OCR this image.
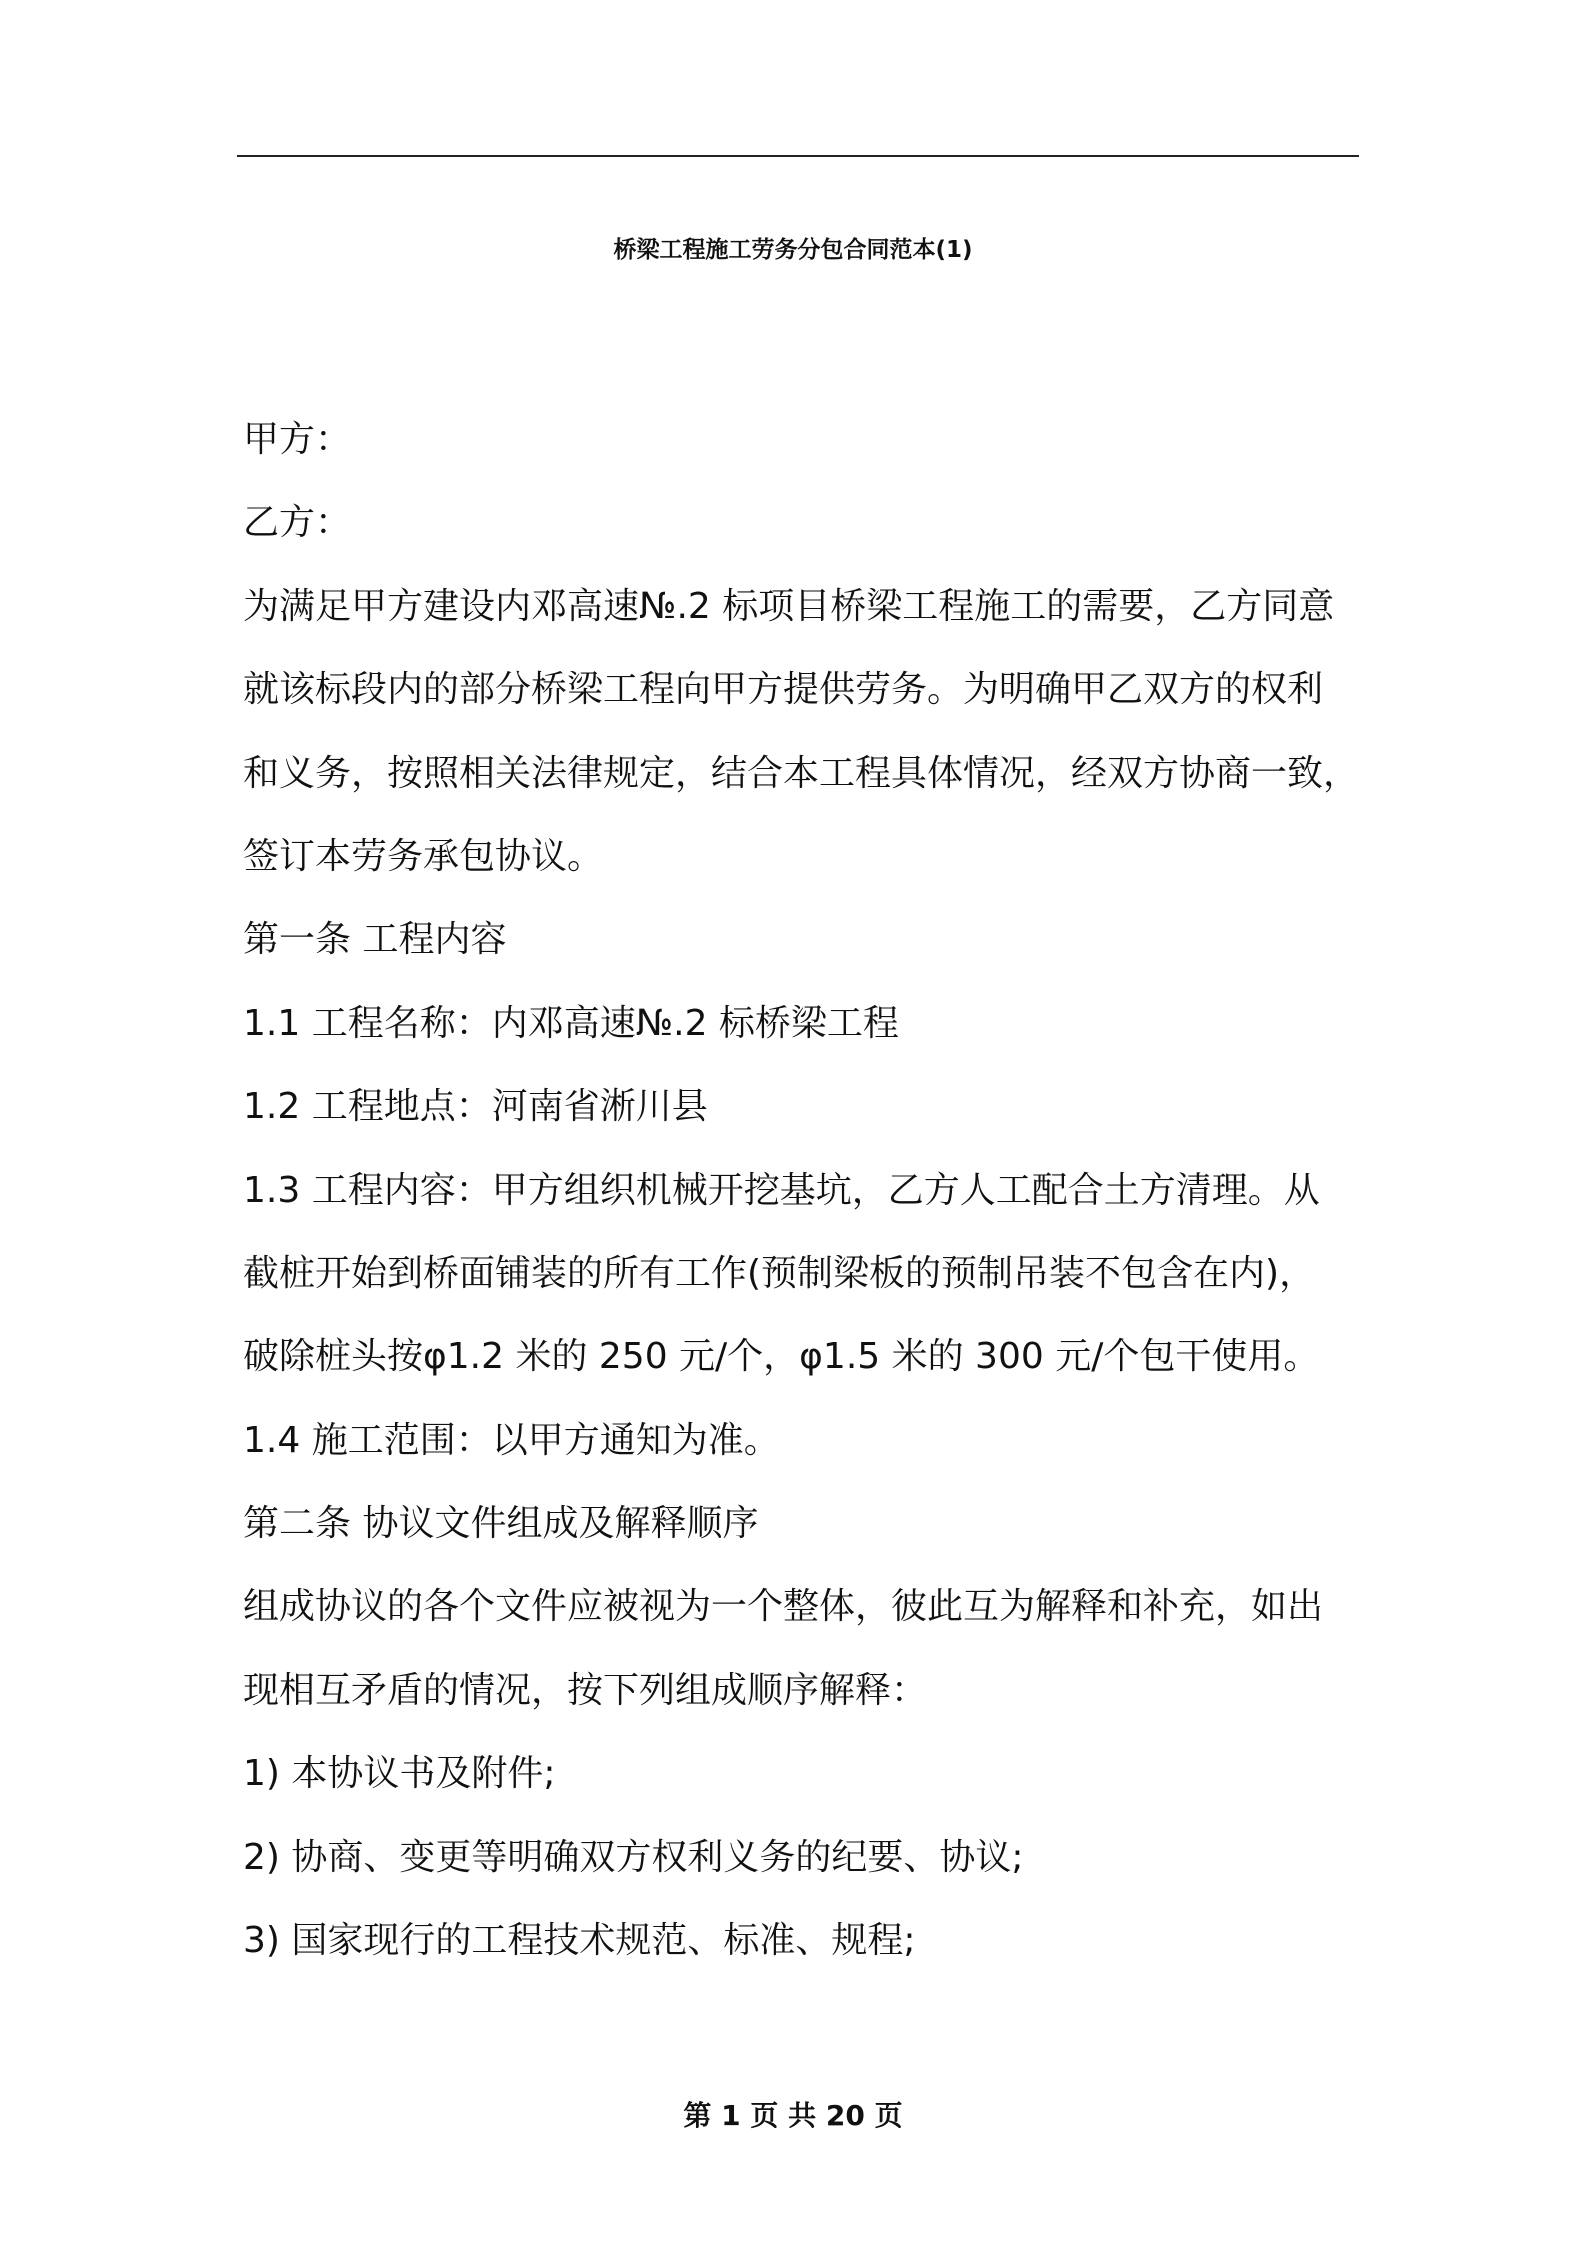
桥梁工程施工劳务分包合同范本(1)
甲方：
乙方：
为满足甲方建设内邓高速№.2 标项目桥梁工程施工的需要，乙方同意
就该标段内的部分桥梁工程向甲方提供劳务。为明确甲乙双方的权利
和义务，按照相关法律规定，结合本工程具体情况，经双方协商一致，
签订本劳务承包协议。
第一条 工程内容
1.1 工程名称：内邓高速№.2 标桥梁工程
1.2 工程地点：河南省淅川县
1.3 工程内容：甲方组织机械开挖基坑，乙方人工配合土方清理。从
截桩开始到桥面铺装的所有工作(预制梁板的预制吊装不包含在内)，
破除桩头按φ1.2 米的 250 元/个，φ1.5 米的 300 元/个包干使用。
1.4 施工范围：以甲方通知为准。
第二条 协议文件组成及解释顺序
组成协议的各个文件应被视为一个整体，彼此互为解释和补充，如出
现相互矛盾的情况，按下列组成顺序解释：
1) 本协议书及附件;
2) 协商、变更等明确双方权利义务的纪要、协议;
3) 国家现行的工程技术规范、标准、规程;
第 1 页 共 20 页
